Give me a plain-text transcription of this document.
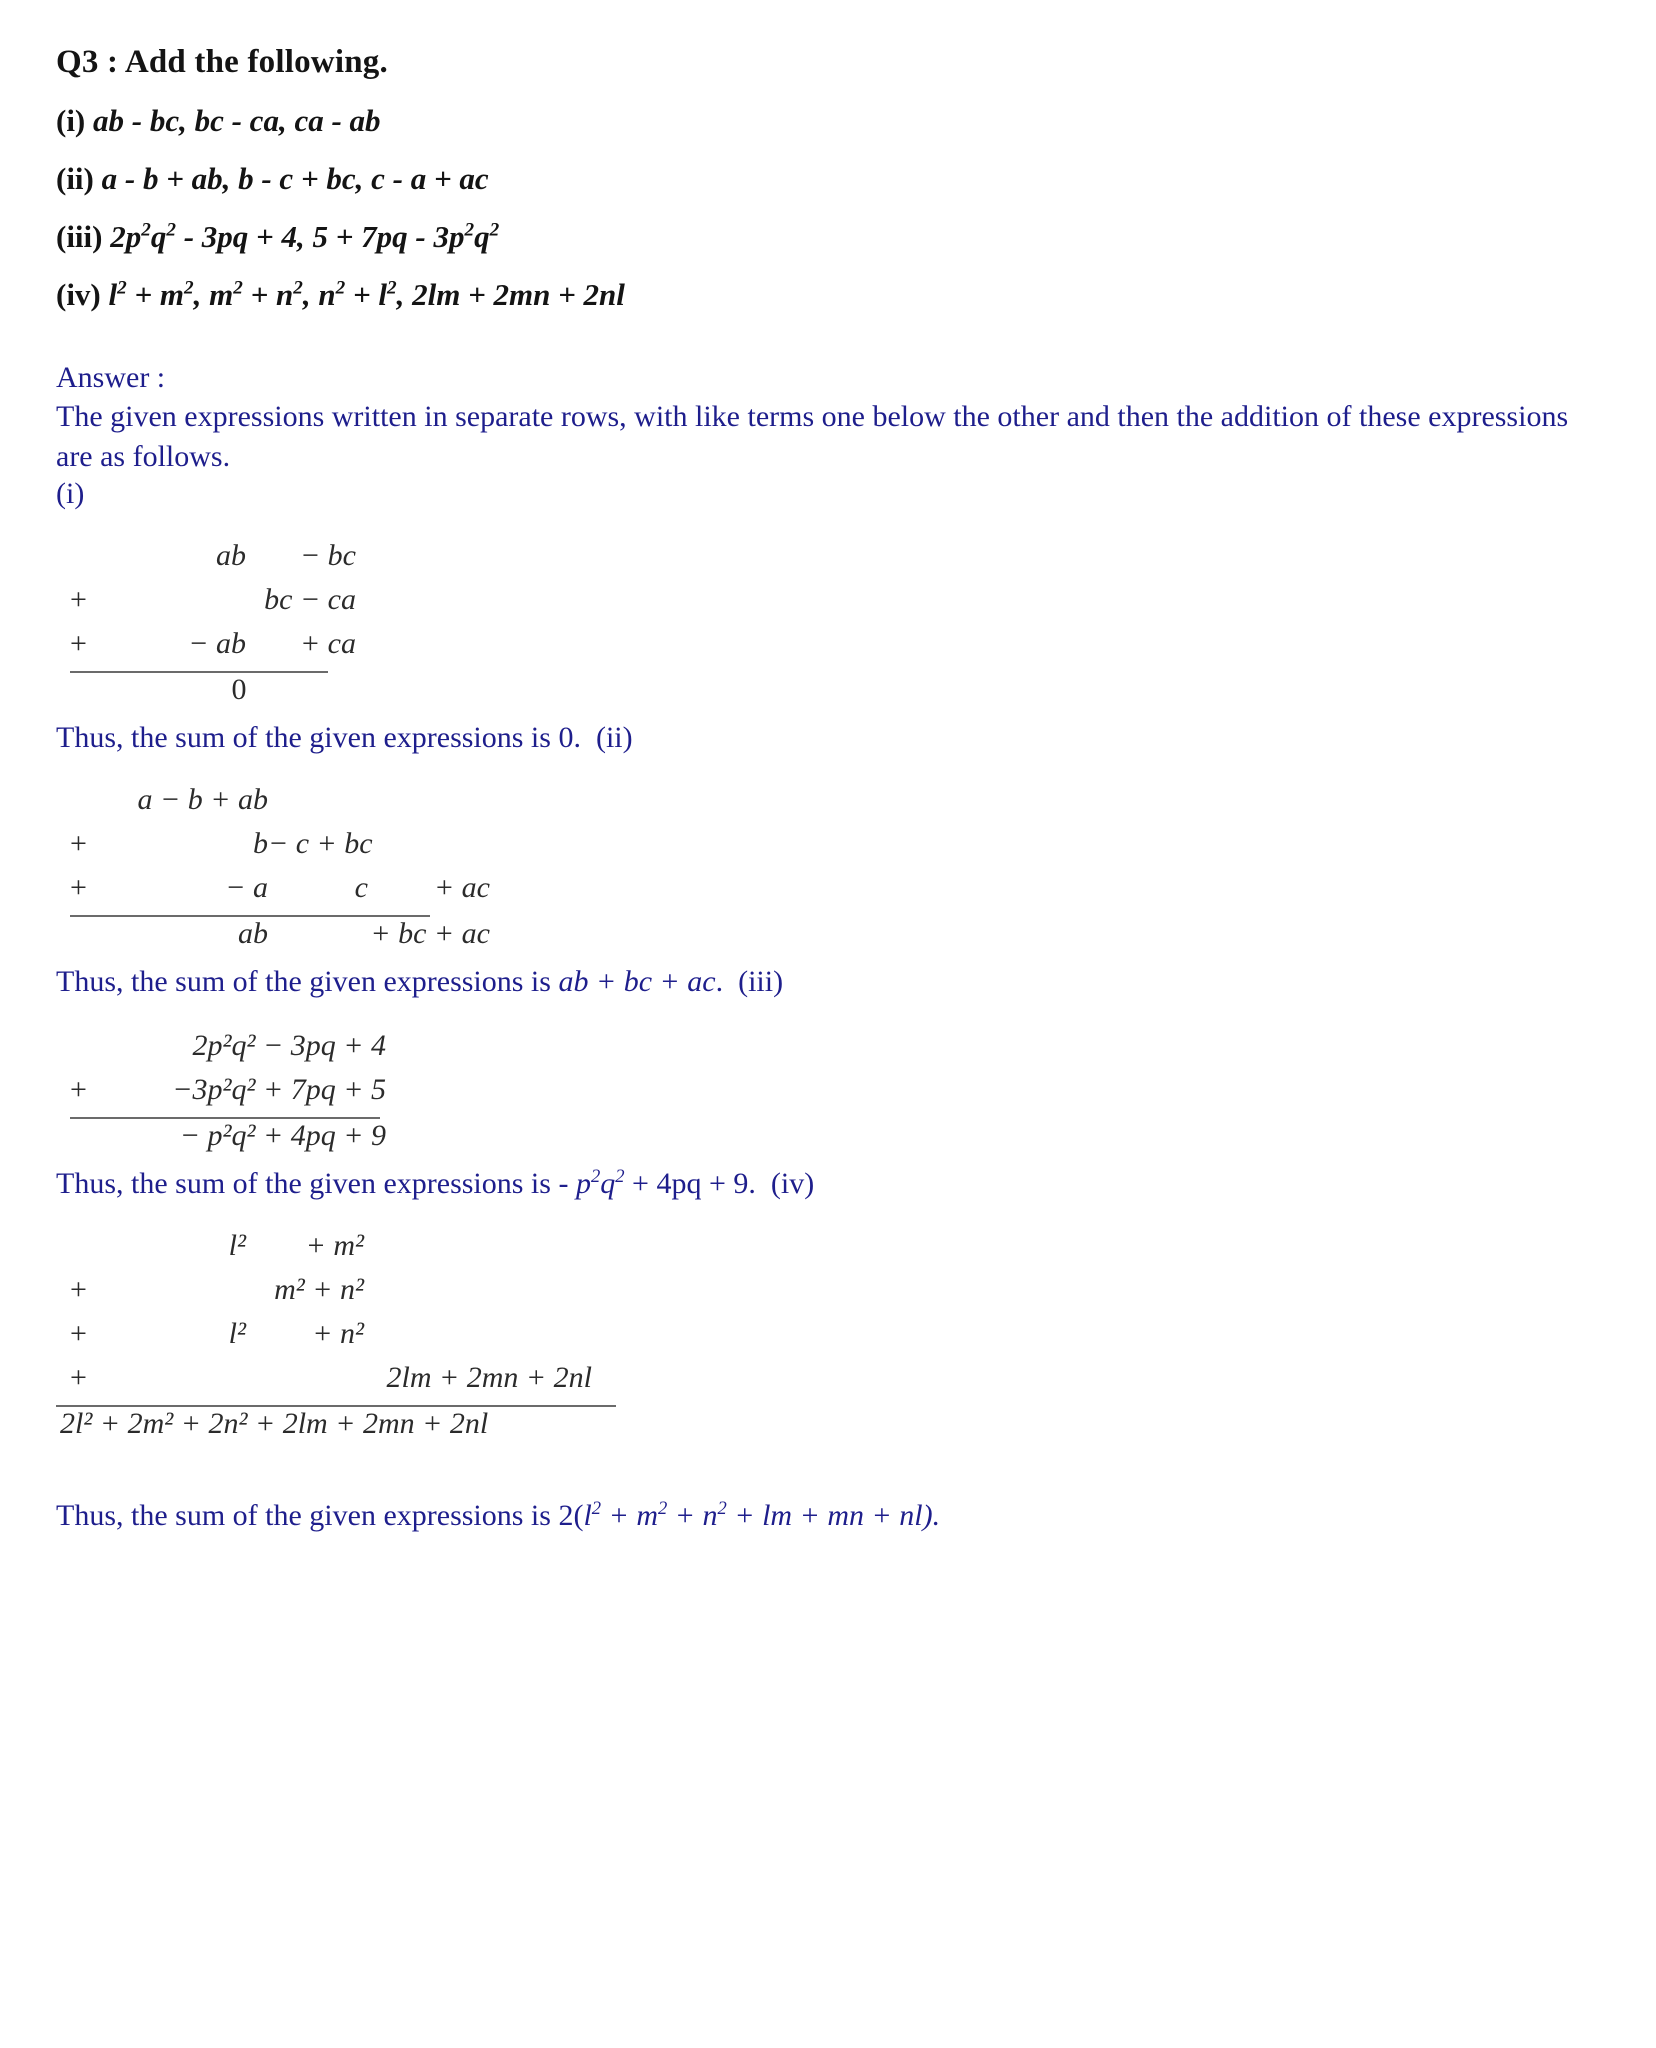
Q3 : Add the following.

(i) ab - bc, bc - ca, ca - ab

(ii) a - b + ab, b - c + bc, c - a + ac

(iii) $2p^2q^2 - 3pq + 4$, $5 + 7pq - 3p^2q^2$

(iv) $l^2 + m^2$, $m^2 + n^2$, $n^2 + l^2$, 2lm + 2mn + 2nl

Answer :

The given expressions written in separate rows, with like terms one below the other and then the addition of these expressions are as follows.

(i)

ab	− bc
+	bc − ca
+	− ab	+ ca
0

Thus, the sum of the given expressions is 0. (ii)

a − b + ab
+	b − c + bc
+	− a	c	+ ac
ab	+ bc + ac

Thus, the sum of the given expressions is ab + bc + ac. (iii)

2p²q² − 3pq + 4
+	−3p²q² + 7pq + 5
− p²q² + 4pq + 9

Thus, the sum of the given expressions is - $p^2q^2 + 4pq + 9$. (iv)

l²	+ m²
+	m² + n²
+	l²	+ n²
+	2lm + 2mn + 2nl
2l² + 2m² + 2n² + 2lm + 2mn + 2nl

Thus, the sum of the given expressions is $2(l^2 + m^2 + n^2$ + lm + mn + nl).
